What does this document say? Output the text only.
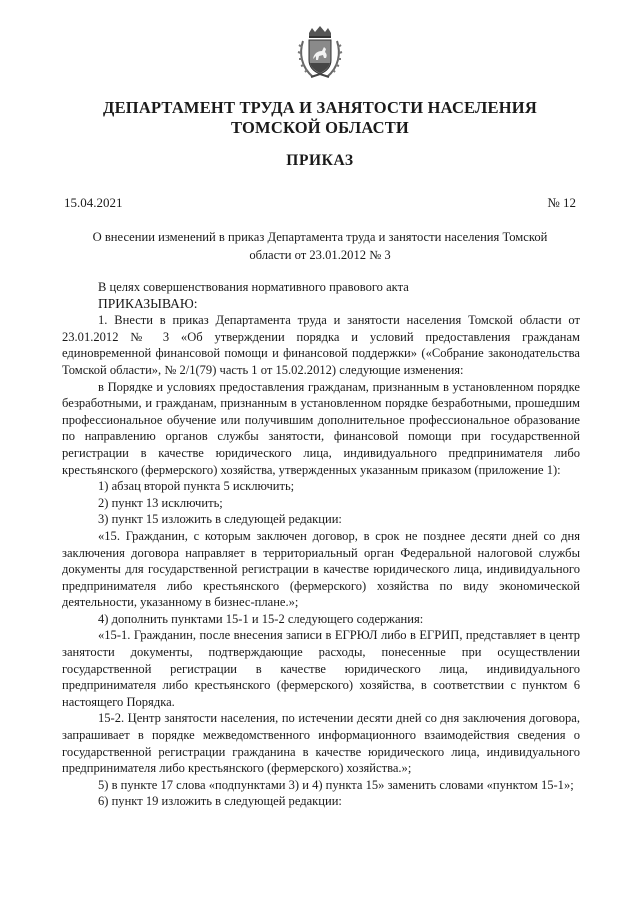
ДЕПАРТАМЕНТ ТРУДА И ЗАНЯТОСТИ НАСЕЛЕНИЯ
ТОМСКОЙ ОБЛАСТИ
ПРИКАЗ
15.04.2021	№ 12
О внесении изменений в приказ Департамента труда и занятости населения Томской области от 23.01.2012 № 3

В целях совершенствования нормативного правового акта

ПРИКАЗЫВАЮ:

1. Внести в приказ Департамента труда и занятости населения Томской области от 23.01.2012 № 3 «Об утверждении порядка и условий предоставления гражданам единовременной финансовой помощи и финансовой поддержки» («Собрание законодательства Томской области», № 2/1(79) часть 1 от 15.02.2012) следующие изменения:

в Порядке и условиях предоставления гражданам, признанным в установленном порядке безработными, и гражданам, признанным в установленном порядке безработными, прошедшим профессиональное обучение или получившим дополнительное профессиональное образование по направлению органов службы занятости, финансовой помощи при государственной регистрации в качестве юридического лица, индивидуального предпринимателя либо крестьянского (фермерского) хозяйства, утвержденных указанным приказом (приложение 1):

1) абзац второй пункта 5 исключить;

2) пункт 13 исключить;

3) пункт 15 изложить в следующей редакции:

«15. Гражданин, с которым заключен договор, в срок не позднее десяти дней со дня заключения договора направляет в территориальный орган Федеральной налоговой службы документы для государственной регистрации в качестве юридического лица, индивидуального предпринимателя либо крестьянского (фермерского) хозяйства по виду экономической деятельности, указанному в бизнес-плане.»;

4) дополнить пунктами 15-1 и 15-2 следующего содержания:

«15-1. Гражданин, после внесения записи в ЕГРЮЛ либо в ЕГРИП, представляет в центр занятости документы, подтверждающие расходы, понесенные при осуществлении государственной регистрации в качестве юридического лица, индивидуального предпринимателя либо крестьянского (фермерского) хозяйства, в соответствии с пунктом 6 настоящего Порядка.

15-2. Центр занятости населения, по истечении десяти дней со дня заключения договора, запрашивает в порядке межведомственного информационного взаимодействия сведения о государственной регистрации гражданина в качестве юридического лица, индивидуального предпринимателя либо крестьянского (фермерского) хозяйства.»;

5) в пункте 17 слова «подпунктами 3) и 4) пункта 15» заменить словами «пунктом 15-1»;

6) пункт 19 изложить в следующей редакции:
